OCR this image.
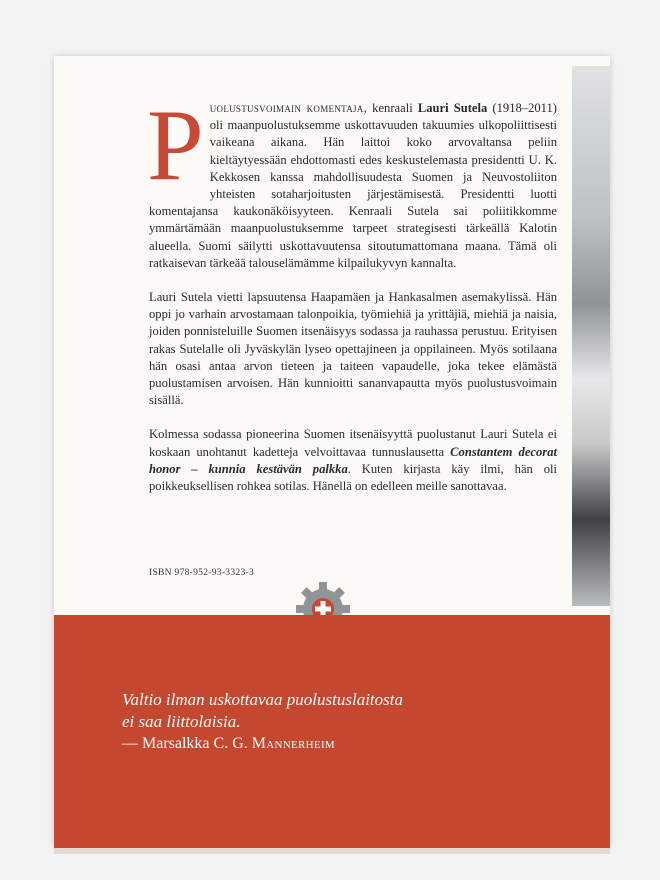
Puolustusvoimain komentaja, kenraali Lauri Sutela (1918–2011) oli maanpuolustuksemme uskottavuuden takuumies ulkopoliittisesti vaikeana aikana. Hän laittoi koko arvovaltansa peliin kieltäytyessään ehdottomasti edes keskustelemasta presidentti U. K. Kekkosen kanssa mahdollisuudesta Suomen ja Neuvostoliiton yhteisten sotaharjoitusten järjestämisestä. Presidentti luotti komentajansa kaukonäköisyyteen. Kenraali Sutela sai poliitikkomme ymmärtämään maanpuolustuksemme tarpeet strategisesti tärkeällä Kalotin alueella. Suomi säilytti uskottavuutensa sitoutumattomana maana. Tämä oli ratkaisevan tärkeää talouselämämme kilpailukyvyn kannalta.

Lauri Sutela vietti lapsuutensa Haapamäen ja Hankasalmen asemakylissä. Hän oppi jo varhain arvostamaan talonpoikia, työmiehiä ja yrittäjiä, miehiä ja naisia, joiden ponnisteluille Suomen itsenäisyys sodassa ja rauhassa perustuu. Erityisen rakas Sutelalle oli Jyväskylän lyseo opettajineen ja oppilaineen. Myös sotilaana hän osasi antaa arvon tieteen ja taiteen vapaudelle, joka tekee elämästä puolustamisen arvoisen. Hän kunnioitti sananvapautta myös puolustusvoimain sisällä.

Kolmessa sodassa pioneerina Suomen itsenäisyyttä puolustanut Lauri Sutela ei koskaan unohtanut kadetteja velvoittavaa tunnuslausetta Constantem decorat honor – kunnia kestävän palkka. Kuten kirjasta käy ilmi, hän oli poikkeuksellisen rohkea sotilas. Hänellä on edelleen meille sanottavaa.

ISBN 978-952-93-3323-3
Valtio ilman uskottavaa puolustuslaitosta
ei saa liittolaisia.
— Marsalkka C. G. Mannerheim
